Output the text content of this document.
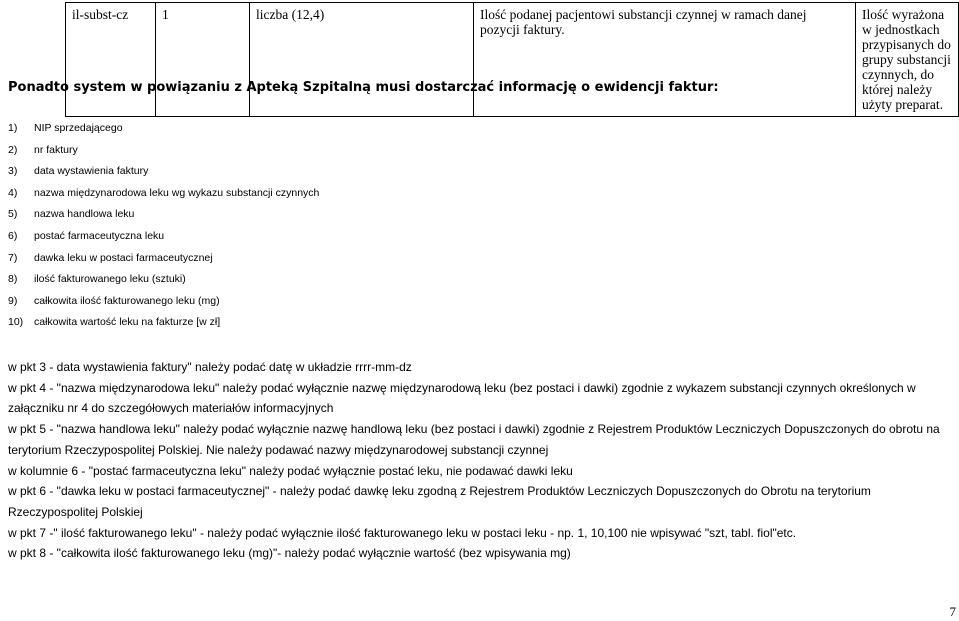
il-subst-cz	1	liczba (12,4)	Ilość podanej pacjentowi substancji czynnej w ramach danej pozycji faktury.	Ilość wyrażona w jednostkach przypisanych do grupy substancji czynnych, do której należy użyty preparat.
Ponadto system w powiązaniu z Apteką Szpitalną musi dostarczać informację o ewidencji faktur:
1) NIP sprzedającego
2) nr faktury
3) data wystawienia faktury
4) nazwa międzynarodowa leku wg wykazu substancji czynnych
5) nazwa handlowa leku
6) postać farmaceutyczna leku
7) dawka leku w postaci farmaceutycznej
8) ilość fakturowanego leku (sztuki)
9) całkowita ilość fakturowanego leku (mg)
10) całkowita wartość leku na fakturze [w zł]

w pkt 3 - data wystawienia faktury" należy podać datę w układzie rrrr-mm-dz

w pkt 4 - "nazwa międzynarodowa leku" należy podać wyłącznie nazwę międzynarodową leku (bez postaci i dawki) zgodnie z wykazem substancji czynnych określonych w załączniku nr 4 do szczegółowych materiałów informacyjnych

w pkt 5 - "nazwa handlowa leku" należy podać wyłącznie nazwę handlową leku (bez postaci i dawki) zgodnie z Rejestrem Produktów Leczniczych Dopuszczonych do obrotu na terytorium Rzeczypospolitej Polskiej. Nie należy podawać nazwy międzynarodowej substancji czynnej

w kolumnie 6 - "postać farmaceutyczna leku" należy podać wyłącznie postać leku, nie podawać dawki leku

w pkt 6 - "dawka leku w postaci farmaceutycznej" - należy podać dawkę leku zgodną z Rejestrem Produktów Leczniczych Dopuszczonych do Obrotu na terytorium Rzeczypospolitej Polskiej

w pkt 7 -" ilość fakturowanego leku" - należy podać wyłącznie ilość fakturowanego leku w postaci leku - np. 1, 10,100 nie wpisywać "szt, tabl. fiol"etc.

w pkt 8 - "całkowita ilość fakturowanego leku (mg)"- należy podać wyłącznie wartość (bez wpisywania mg)

7
